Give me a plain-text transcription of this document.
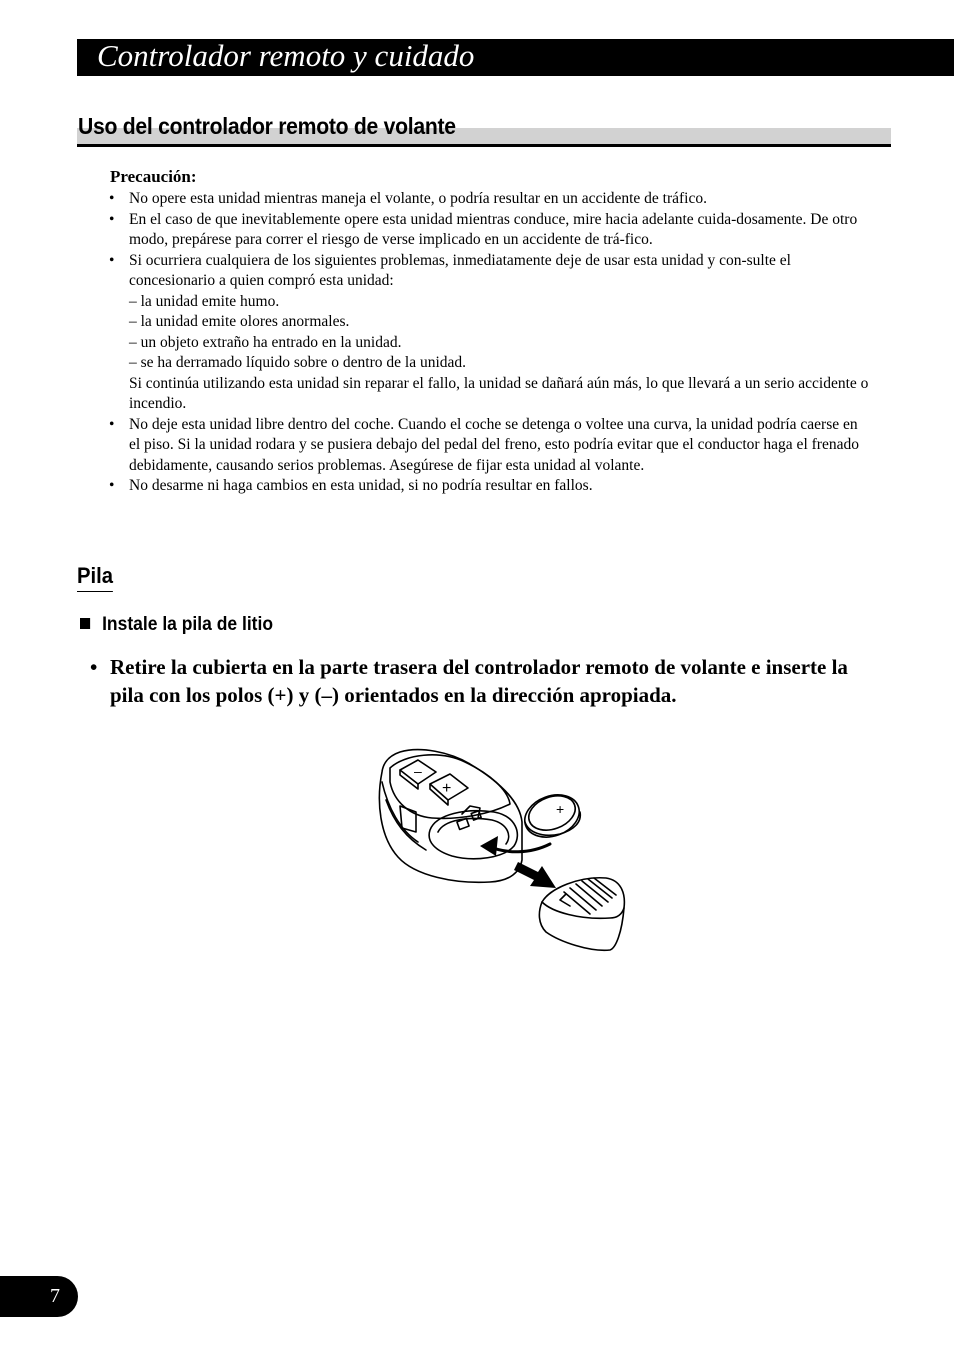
Controlador remoto y cuidado
Uso del controlador remoto de volante
Precaución:
• No opere esta unidad mientras maneja el volante, o podría resultar en un accidente de tráfico.
• En el caso de que inevitablemente opere esta unidad mientras conduce, mire hacia adelante cuida-dosamente. De otro modo, prepárese para correr el riesgo de verse implicado en un accidente de trá-fico.
• Si ocurriera cualquiera de los siguientes problemas, inmediatamente deje de usar esta unidad y con-sulte el concesionario a quien compró esta unidad:
– la unidad emite humo.
– la unidad emite olores anormales.
– un objeto extraño ha entrado en la unidad.
– se ha derramado líquido sobre o dentro de la unidad.
Si continúa utilizando esta unidad sin reparar el fallo, la unidad se dañará aún más, lo que llevará a un serio accidente o incendio.
• No deje esta unidad libre dentro del coche. Cuando el coche se detenga o voltee una curva, la unidad podría caerse en el piso. Si la unidad rodara y se pusiera debajo del pedal del freno, esto podría evitar que el conductor haga el frenado debidamente, causando serios problemas. Asegúrese de fijar esta unidad al volante.
• No desarme ni haga cambios en esta unidad, si no podría resultar en fallos.
Pila
Instale la pila de litio
• Retire la cubierta en la parte trasera del controlador remoto de volante e inserte la pila con los polos (+) y (–) orientados en la dirección apropiada.
–
+
+
7
